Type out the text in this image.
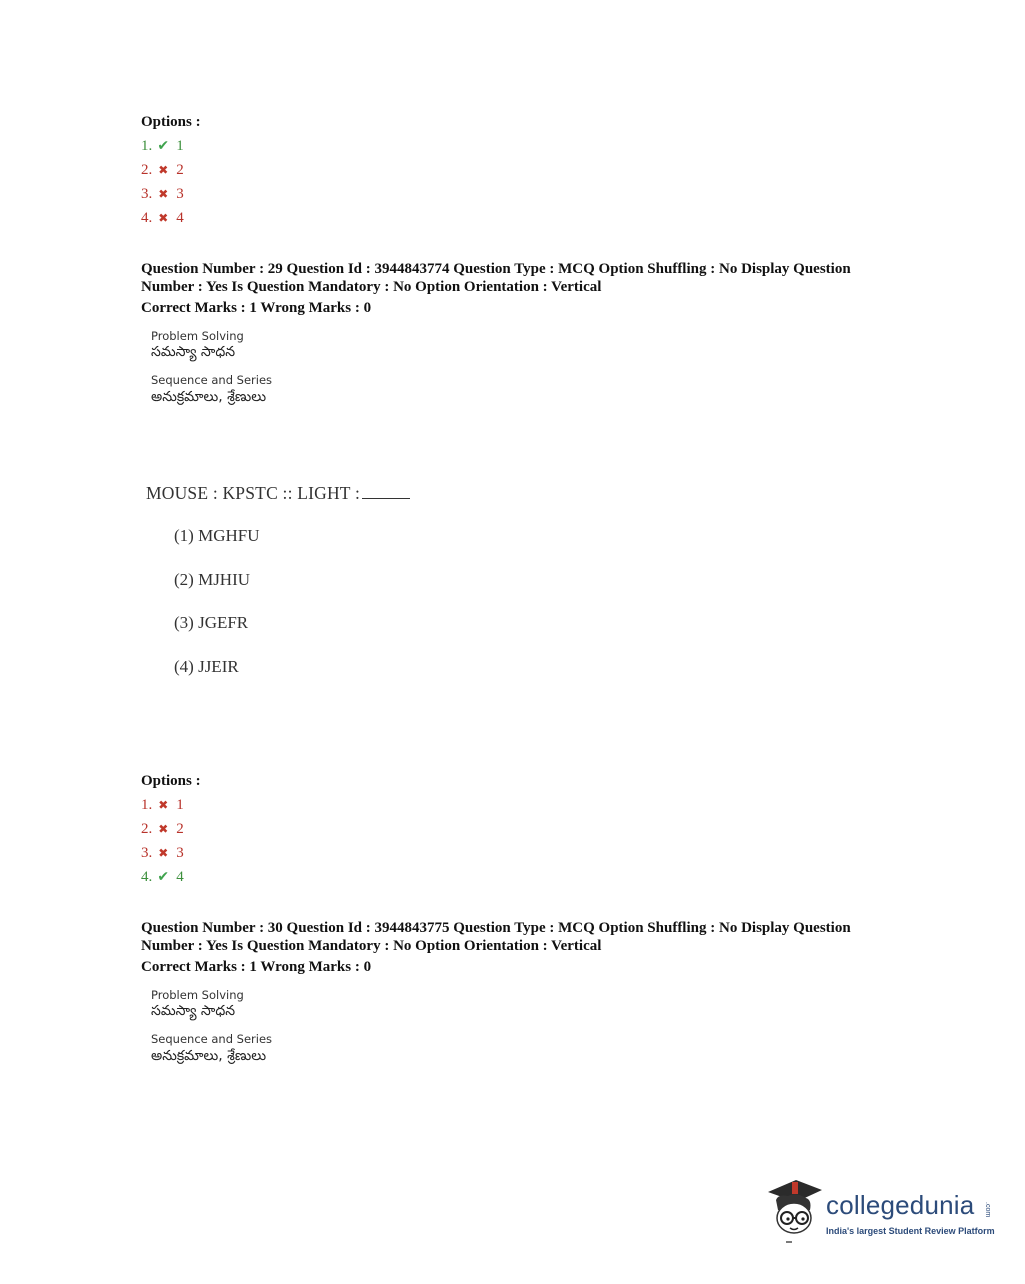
Options :
1. ✔ 1
2. ✖ 2
3. ✖ 3
4. ✖ 4
Question Number : 29 Question Id : 3944843774 Question Type : MCQ Option Shuffling : No Display Question
Number : Yes Is Question Mandatory : No Option Orientation : Vertical
Correct Marks : 1 Wrong Marks : 0
Problem Solving
సమస్యా సాధన
Sequence and Series
అనుక్రమాలు, శ్రేణులు
MOUSE : KPSTC :: LIGHT :
(1) MGHFU
(2) MJHIU
(3) JGEFR
(4) JJEIR
Options :
1. ✖ 1
2. ✖ 2
3. ✖ 3
4. ✔ 4
Question Number : 30 Question Id : 3944843775 Question Type : MCQ Option Shuffling : No Display Question
Number : Yes Is Question Mandatory : No Option Orientation : Vertical
Correct Marks : 1 Wrong Marks : 0
Problem Solving
సమస్యా సాధన
Sequence and Series
అనుక్రమాలు, శ్రేణులు
collegedunia .com
India's largest Student Review Platform
